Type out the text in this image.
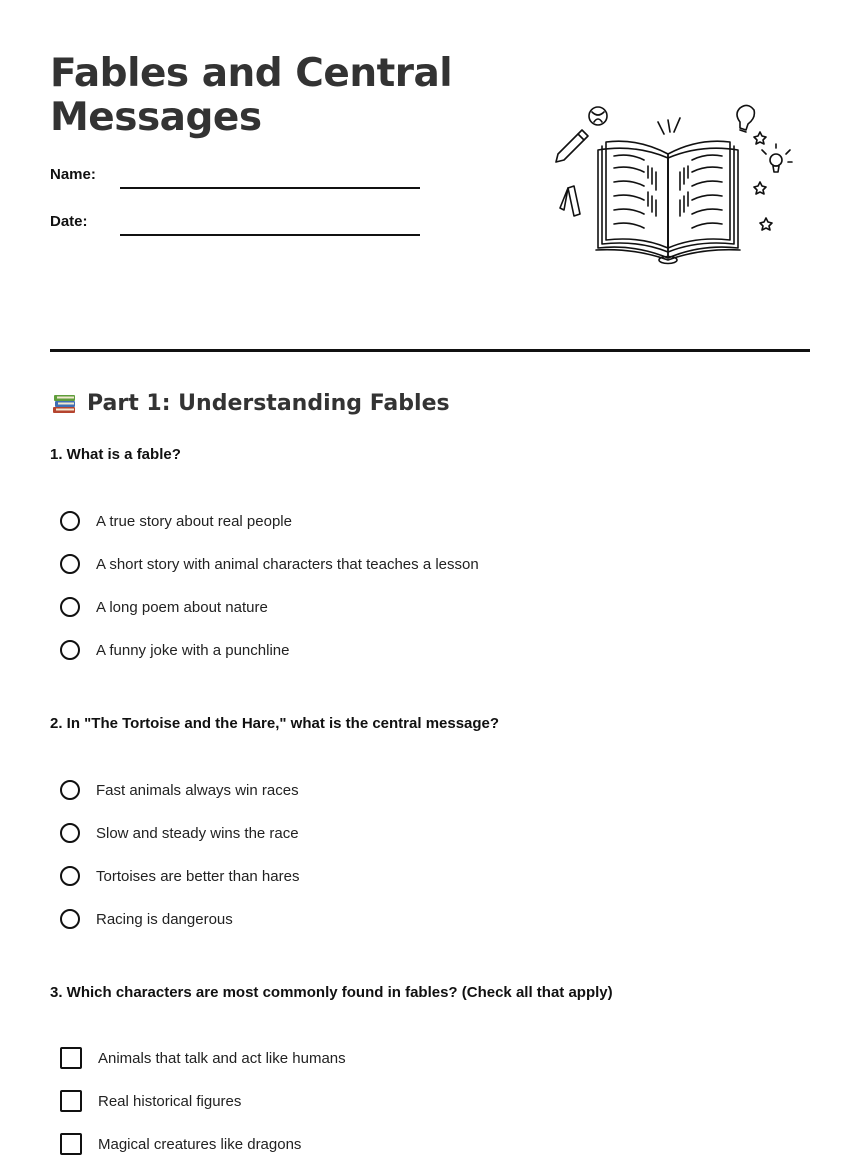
Fables and Central Messages
Name:
Date:
Part 1: Understanding Fables
1. What is a fable?
A true story about real people
A short story with animal characters that teaches a lesson
A long poem about nature
A funny joke with a punchline
2. In "The Tortoise and the Hare," what is the central message?
Fast animals always win races
Slow and steady wins the race
Tortoises are better than hares
Racing is dangerous
3. Which characters are most commonly found in fables? (Check all that apply)
Animals that talk and act like humans
Real historical figures
Magical creatures like dragons
